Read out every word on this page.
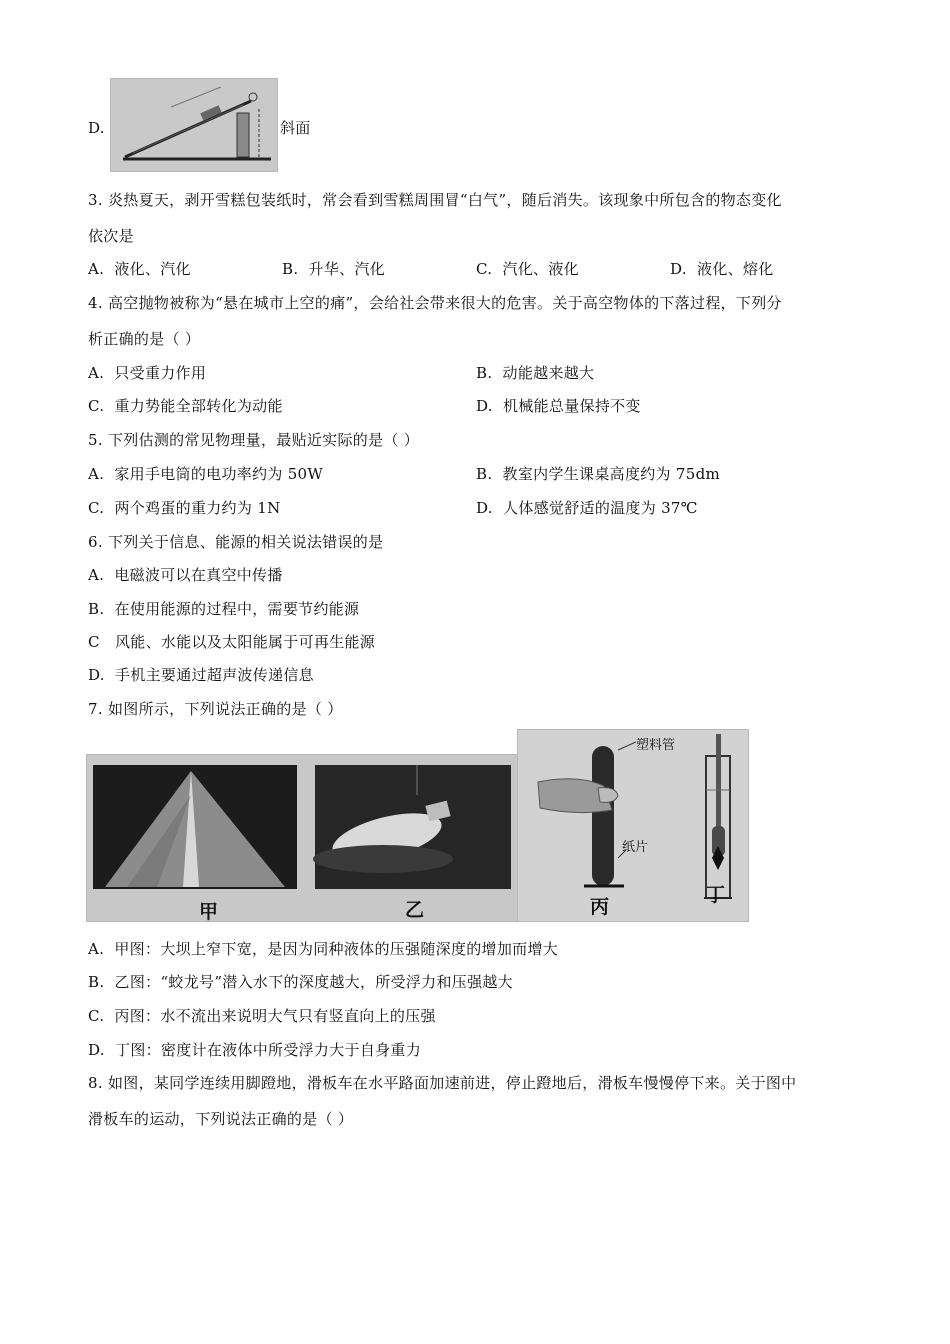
D.	斜面
3. 炎热夏天，剥开雪糕包装纸时，常会看到雪糕周围冒“白气”，随后消失。该现象中所包含的物态变化
依次是
A. 液化、汽化	B. 升华、汽化	C. 汽化、液化	D. 液化、熔化
4. 高空抛物被称为“悬在城市上空的痛”，会给社会带来很大的危害。关于高空物体的下落过程，下列分
析正确的是（ ）
A. 只受重力作用	B. 动能越来越大
C. 重力势能全部转化为动能	D. 机械能总量保持不变
5. 下列估测的常见物理量，最贴近实际的是（ ）
A. 家用手电筒的电功率约为 50W	B. 教室内学生课桌高度约为 75dm
C. 两个鸡蛋的重力约为 1N	D. 人体感觉舒适的温度为 37℃
6. 下列关于信息、能源的相关说法错误的是
A. 电磁波可以在真空中传播
B. 在使用能源的过程中，需要节约能源
C 风能、水能以及太阳能属于可再生能源
D. 手机主要通过超声波传递信息
7. 如图所示，下列说法正确的是（ ）
甲	乙
塑料管
纸片
丙
丁
A. 甲图：大坝上窄下宽，是因为同种液体的压强随深度的增加而增大
B. 乙图：“蛟龙号”潜入水下的深度越大，所受浮力和压强越大
C. 丙图：水不流出来说明大气只有竖直向上的压强
D. 丁图：密度计在液体中所受浮力大于自身重力
8. 如图，某同学连续用脚蹬地，滑板车在水平路面加速前进，停止蹬地后，滑板车慢慢停下来。关于图中
滑板车的运动，下列说法正确的是（ ）
